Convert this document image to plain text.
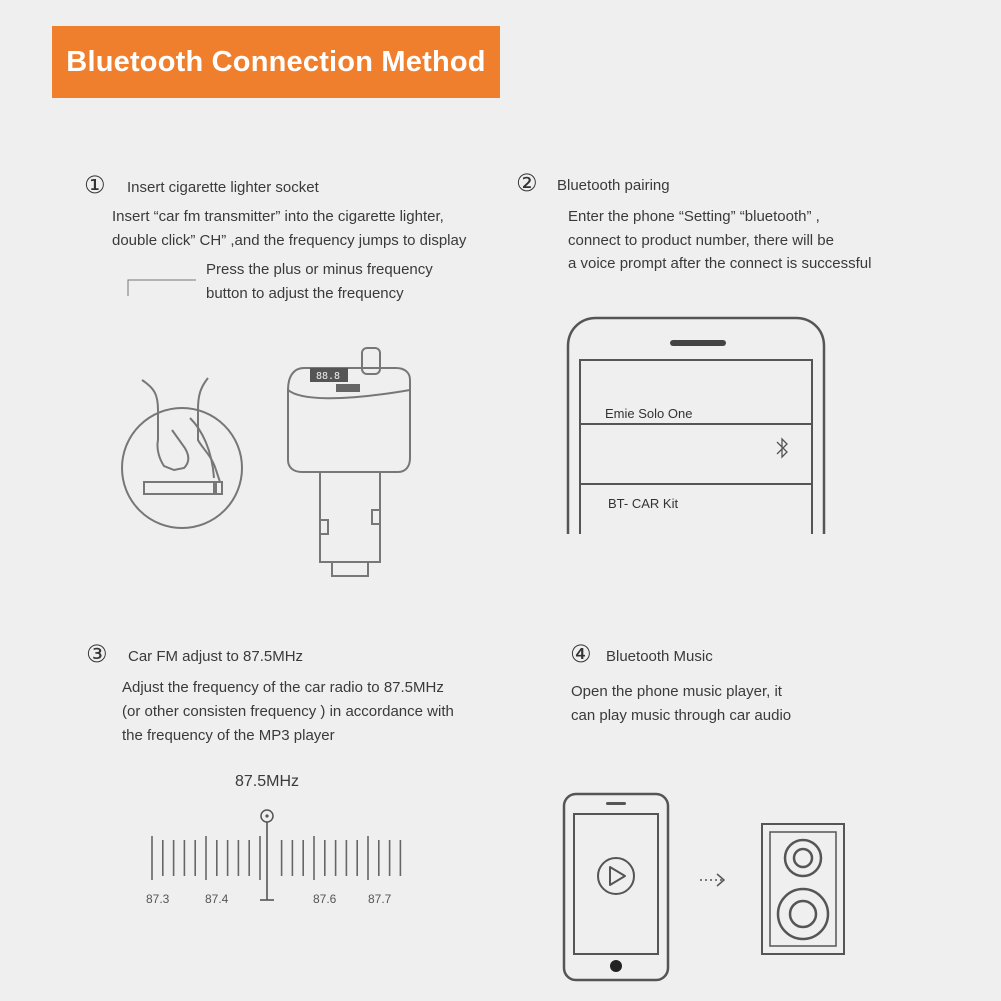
Bluetooth Connection Method
① Insert cigarette lighter socket
Insert “car fm transmitter” into the cigarette lighter,
double click” CH” ,and the frequency jumps to display
Press the plus or minus frequency
button to adjust the frequency
88.8
② Bluetooth pairing
Enter the phone “Setting” “bluetooth” ,
connect to product number, there will be
a voice prompt after the connect is successful
Emie Solo One
BT- CAR Kit
③ Car FM adjust to 87.5MHz
Adjust the frequency of the car radio to 87.5MHz
(or other consisten frequency ) in accordance with
the frequency of the MP3 player
87.5MHz
87.3	87.4	87.6	87.7
④ Bluetooth Music
Open the phone music player, it
can play music through car audio
